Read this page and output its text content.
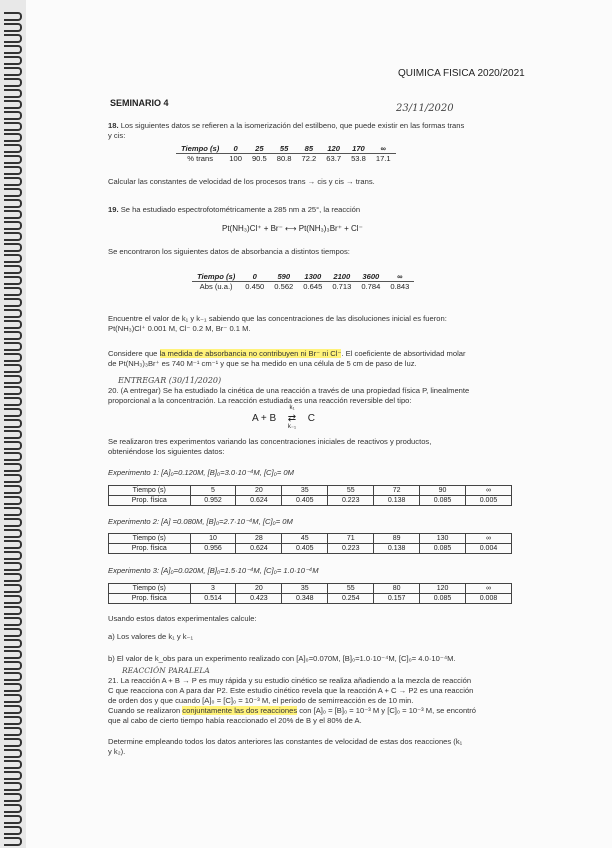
QUIMICA FISICA 2020/2021
SEMINARIO 4	23/11/2020
18. Los siguientes datos se refieren a la isomerización del estilbeno, que puede existir en las formas trans
y cis:
Tiempo (s)	0	25	55	85	120	170	∞
% trans	100	90.5	80.8	72.2	63.7	53.8	17.1
Calcular las constantes de velocidad de los procesos trans → cis y cis → trans.
19. Se ha estudiado espectrofotométricamente a 285 nm a 25°, la reacción
Pt(NH₃)Cl⁺ + Br⁻ ⟷ Pt(NH₃)₃Br⁺ + Cl⁻
Se encontraron los siguientes datos de absorbancia a distintos tiempos:
Tiempo (s)	0	590	1300	2100	3600	∞
Abs (u.a.)	0.450	0.562	0.645	0.713	0.784	0.843
Encuentre el valor de k₁ y k₋₁ sabiendo que las concentraciones de las disoluciones inicial es fueron:
Pt(NH₃)Cl⁺ 0.001 M, Cl⁻ 0.2 M, Br⁻ 0.1 M.
Considere que la medida de absorbancia no contribuyen ni Br⁻ ni Cl⁻. El coeficiente de absortividad molar
de Pt(NH₃)₃Br⁺ es 740 M⁻¹ cm⁻¹ y que se ha medido en una célula de 5 cm de paso de luz.
ENTREGAR (30/11/2020)
20. (A entregar) Se ha estudiado la cinética de una reacción a través de una propiedad física P, linealmente
proporcional a la concentración. La reacción estudiada es una reacción reversible del tipo:
A + B
k₁
⇄
k₋₁
C
Se realizaron tres experimentos variando las concentraciones iniciales de reactivos y productos,
obteniéndose los siguientes datos:
Experimento 1: [A]₀=0.120M, [B]₀=3.0·10⁻⁴M, [C]₀= 0M
Tiempo (s)	5	20	35	55	72	90	∞
Prop. física	0.952	0.624	0.405	0.223	0.138	0.085	0.005
Experimento 2: [A] =0.080M, [B]₀=2.7·10⁻⁴M, [C]₀= 0M
Tiempo (s)	10	28	45	71	89	130	∞
Prop. física	0.956	0.624	0.405	0.223	0.138	0.085	0.004
Experimento 3: [A]₀=0.020M, [B]₀=1.5·10⁻⁴M, [C]₀= 1.0·10⁻⁴M
Tiempo (s)	3	20	35	55	80	120	∞
Prop. física	0.514	0.423	0.348	0.254	0.157	0.085	0.008
Usando estos datos experimentales calcule:
a) Los valores de k₁ y k₋₁
b) El valor de k_obs para un experimento realizado con [A]₀=0.070M, [B]₀=1.0·10⁻⁴M, [C]₀= 4.0·10⁻⁴M.
REACCIÓN PARALELA
21. La reacción A + B → P es muy rápida y su estudio cinético se realiza añadiendo a la mezcla de reacción
C que reacciona con A para dar P2. Este estudio cinético revela que la reacción A + C → P2 es una reacción
de orden dos y que cuando [A]₀ = [C]₀ = 10⁻³ M, el periodo de semirreacción es de 10 min.
Cuando se realizaron conjuntamente las dos reacciones con [A]₀ = [B]₀ = 10⁻³ M y [C]₀ = 10⁻³ M, se encontró
que al cabo de cierto tiempo había reaccionado el 20% de B y el 80% de A.
Determine empleando todos los datos anteriores las constantes de velocidad de estas dos reacciones (k₁
y k₂).
